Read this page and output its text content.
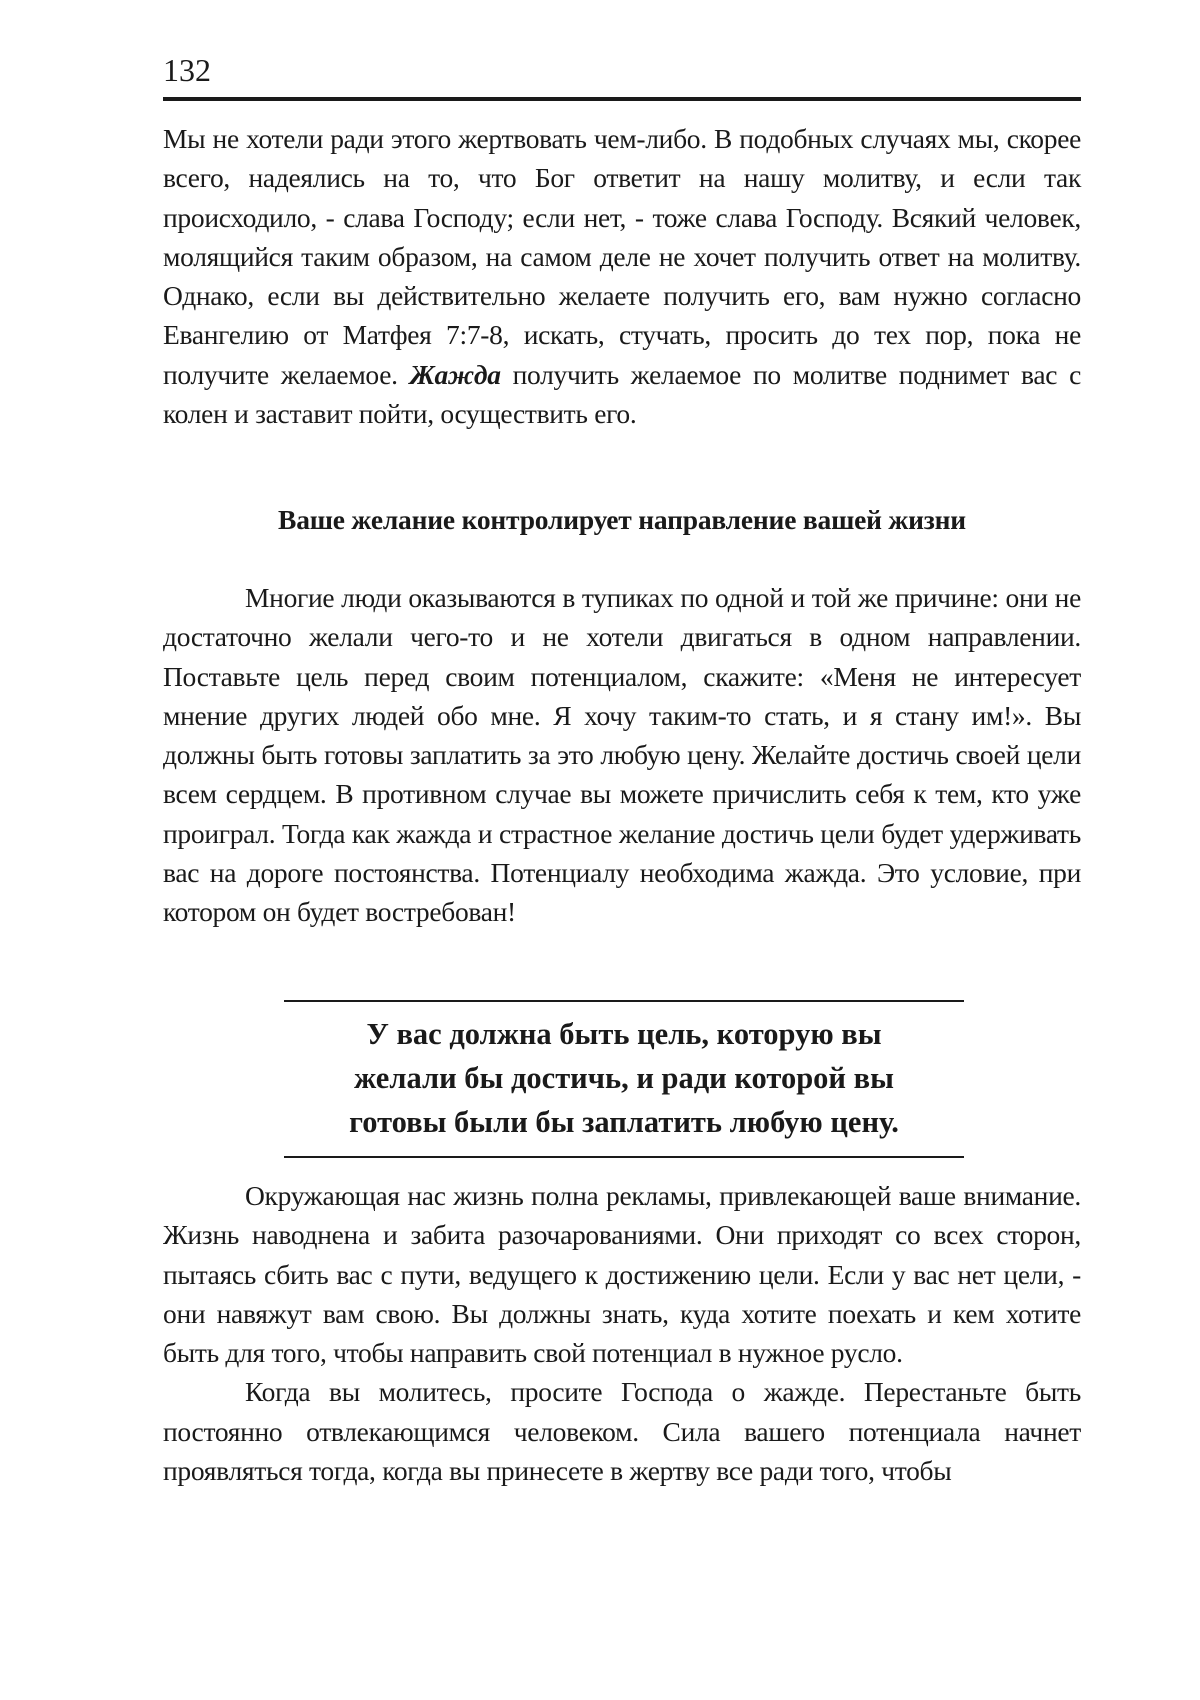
132

Мы не хотели ради этого жертвовать чем-либо. В подобных случаях мы, скорее всего, надеялись на то, что Бог ответит на нашу молитву, и если так происходило, - слава Господу; если нет, - тоже слава Господу. Всякий человек, молящийся таким образом, на самом деле не хочет получить ответ на молитву. Однако, если вы действительно желаете получить его, вам нужно согласно Евангелию от Матфея 7:7-8, искать, стучать, просить до тех пор, пока не получите желаемое. Жажда получить желаемое по молитве поднимет вас с колен и заставит пойти, осуществить его.

Ваше желание контролирует направление вашей жизни

Многие люди оказываются в тупиках по одной и той же причине: они не достаточно желали чего-то и не хотели двигаться в одном направлении. Поставьте цель перед своим потенциалом, скажите: «Меня не интересует мнение других людей обо мне. Я хочу таким-то стать, и я стану им!». Вы должны быть готовы заплатить за это любую цену. Желайте достичь своей цели всем сердцем. В противном случае вы можете причислить себя к тем, кто уже проиграл. Тогда как жажда и страстное желание достичь цели будет удерживать вас на дороге постоянства. Потенциалу необходима жажда. Это условие, при котором он будет востребован!

У вас должна быть цель, которую вы
желали бы достичь, и ради которой вы
готовы были бы заплатить любую цену.

Окружающая нас жизнь полна рекламы, привлекающей ваше внимание. Жизнь наводнена и забита разочарованиями. Они приходят со всех сторон, пытаясь сбить вас с пути, ведущего к достижению цели. Если у вас нет цели, - они навяжут вам свою. Вы должны знать, куда хотите поехать и кем хотите быть для того, чтобы направить свой потенциал в нужное русло.

Когда вы молитесь, просите Господа о жажде. Перестаньте быть постоянно отвлекающимся человеком. Сила вашего потенциала начнет проявляться тогда, когда вы принесете в жертву все ради того, чтобы
